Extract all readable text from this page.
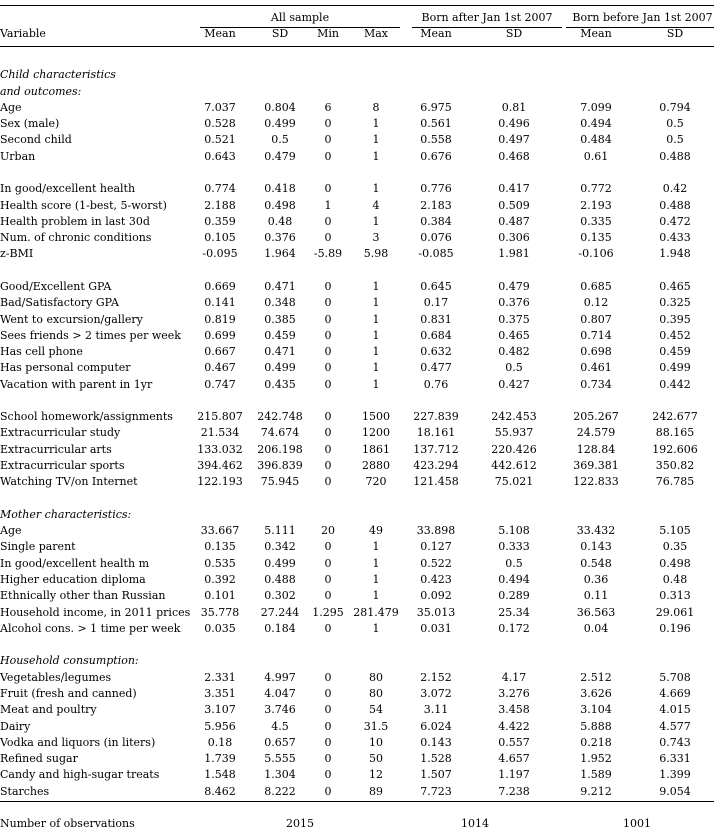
All sample	Born after Jan 1st 2007	Born before Jan 1st 2007
Variable	Mean	SD	Min	Max	Mean	SD	Mean	SD
Child characteristics
and outcomes:
Age	7.037	0.804	6	8	6.975	0.81	7.099	0.794
Sex (male)	0.528	0.499	0	1	0.561	0.496	0.494	0.5
Second child	0.521	0.5	0	1	0.558	0.497	0.484	0.5
Urban	0.643	0.479	0	1	0.676	0.468	0.61	0.488
In good/excellent health	0.774	0.418	0	1	0.776	0.417	0.772	0.42
Health score (1-best, 5-worst)	2.188	0.498	1	4	2.183	0.509	2.193	0.488
Health problem in last 30d	0.359	0.48	0	1	0.384	0.487	0.335	0.472
Num. of chronic conditions	0.105	0.376	0	3	0.076	0.306	0.135	0.433
z-BMI	-0.095	1.964	-5.89	5.98	-0.085	1.981	-0.106	1.948
Good/Excellent GPA	0.669	0.471	0	1	0.645	0.479	0.685	0.465
Bad/Satisfactory GPA	0.141	0.348	0	1	0.17	0.376	0.12	0.325
Went to excursion/gallery	0.819	0.385	0	1	0.831	0.375	0.807	0.395
Sees friends > 2 times per week	0.699	0.459	0	1	0.684	0.465	0.714	0.452
Has cell phone	0.667	0.471	0	1	0.632	0.482	0.698	0.459
Has personal computer	0.467	0.499	0	1	0.477	0.5	0.461	0.499
Vacation with parent in 1yr	0.747	0.435	0	1	0.76	0.427	0.734	0.442
School homework/assignments	215.807	242.748	0	1500	227.839	242.453	205.267	242.677
Extracurricular study	21.534	74.674	0	1200	18.161	55.937	24.579	88.165
Extracurricular arts	133.032	206.198	0	1861	137.712	220.426	128.84	192.606
Extracurricular sports	394.462	396.839	0	2880	423.294	442.612	369.381	350.82
Watching TV/on Internet	122.193	75.945	0	720	121.458	75.021	122.833	76.785
Mother characteristics:
Age	33.667	5.111	20	49	33.898	5.108	33.432	5.105
Single parent	0.135	0.342	0	1	0.127	0.333	0.143	0.35
In good/excellent health m	0.535	0.499	0	1	0.522	0.5	0.548	0.498
Higher education diploma	0.392	0.488	0	1	0.423	0.494	0.36	0.48
Ethnically other than Russian	0.101	0.302	0	1	0.092	0.289	0.11	0.313
Household income, in 2011 prices 35.778	27.244	1.295 281.479	35.013	25.34	36.563	29.061
Alcohol cons. > 1 time per week	0.035	0.184	0	1	0.031	0.172	0.04	0.196
Household consumption:
Vegetables/legumes	2.331	4.997	0	80	2.152	4.17	2.512	5.708
Fruit (fresh and canned)	3.351	4.047	0	80	3.072	3.276	3.626	4.669
Meat and poultry	3.107	3.746	0	54	3.11	3.458	3.104	4.015
Dairy	5.956	4.5	0	31.5	6.024	4.422	5.888	4.577
Vodka and liquors (in liters)	0.18	0.657	0	10	0.143	0.557	0.218	0.743
Refined sugar	1.739	5.555	0	50	1.528	4.657	1.952	6.331
Candy and high-sugar treats	1.548	1.304	0	12	1.507	1.197	1.589	1.399
Starches	8.462	8.222	0	89	7.723	7.238	9.212	9.054
Number of observations	2015	1014	1001
